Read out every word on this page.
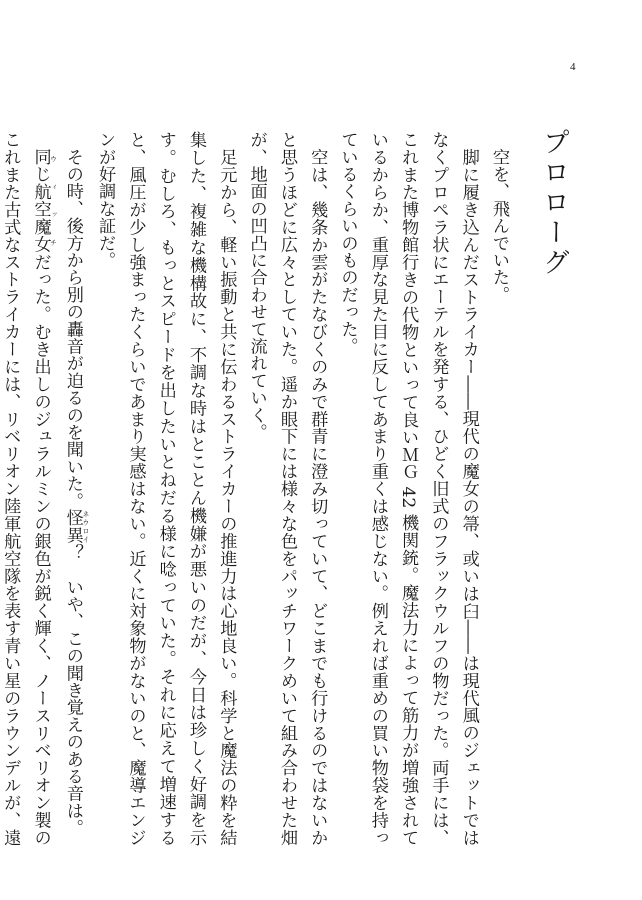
4
プロローグ

　空を、飛んでいた。

　脚に履き込んだストライカー――現代の魔女の箒、或いは臼――は現代風のジェットではなくプロペラ状にエーテルを発する、ひどく旧式のフラックウルフの物だった。両手には、これまた博物館行きの代物といって良いＭＧ 42 機関銃。魔法力によって筋力が増強されているからか、重厚な見た目に反してあまり重くは感じない。例えれば重めの買い物袋を持っているくらいのものだった。

　空は、幾条か雲がたなびくのみで群青に澄み切っていて、どこまでも行けるのではないかと思うほどに広々としていた。遥か眼下には様々な色をパッチワークめいて組み合わせた畑が、地面の凹凸に合わせて流れていく。

　足元から、軽い振動と共に伝わるストライカーの推進力は心地良い。科学と魔法の粋を結集した、複雑な機構故に、不調な時はとことん機嫌が悪いのだが、今日は珍しく好調を示す。むしろ、もっとスピードを出したいとねだる様に唸っていた。それに応えて増速すると、風圧が少し強まったくらいであまり実感はない。近くに対象物がないのと、魔導エンジンが好調な証だ。

　その時、後方から別の轟音が迫るのを聞いた。怪異 ネウロイ？　いや、この聞き覚えのある音は。

　同じ航空魔女 ウィッチだった。むき出しのジュラルミンの銀色が鋭く輝く、ノースリベリオン製のこれまた古式なストライカーには、リベリオン陸軍航空隊を表す青い星のラウンデルが、遠
